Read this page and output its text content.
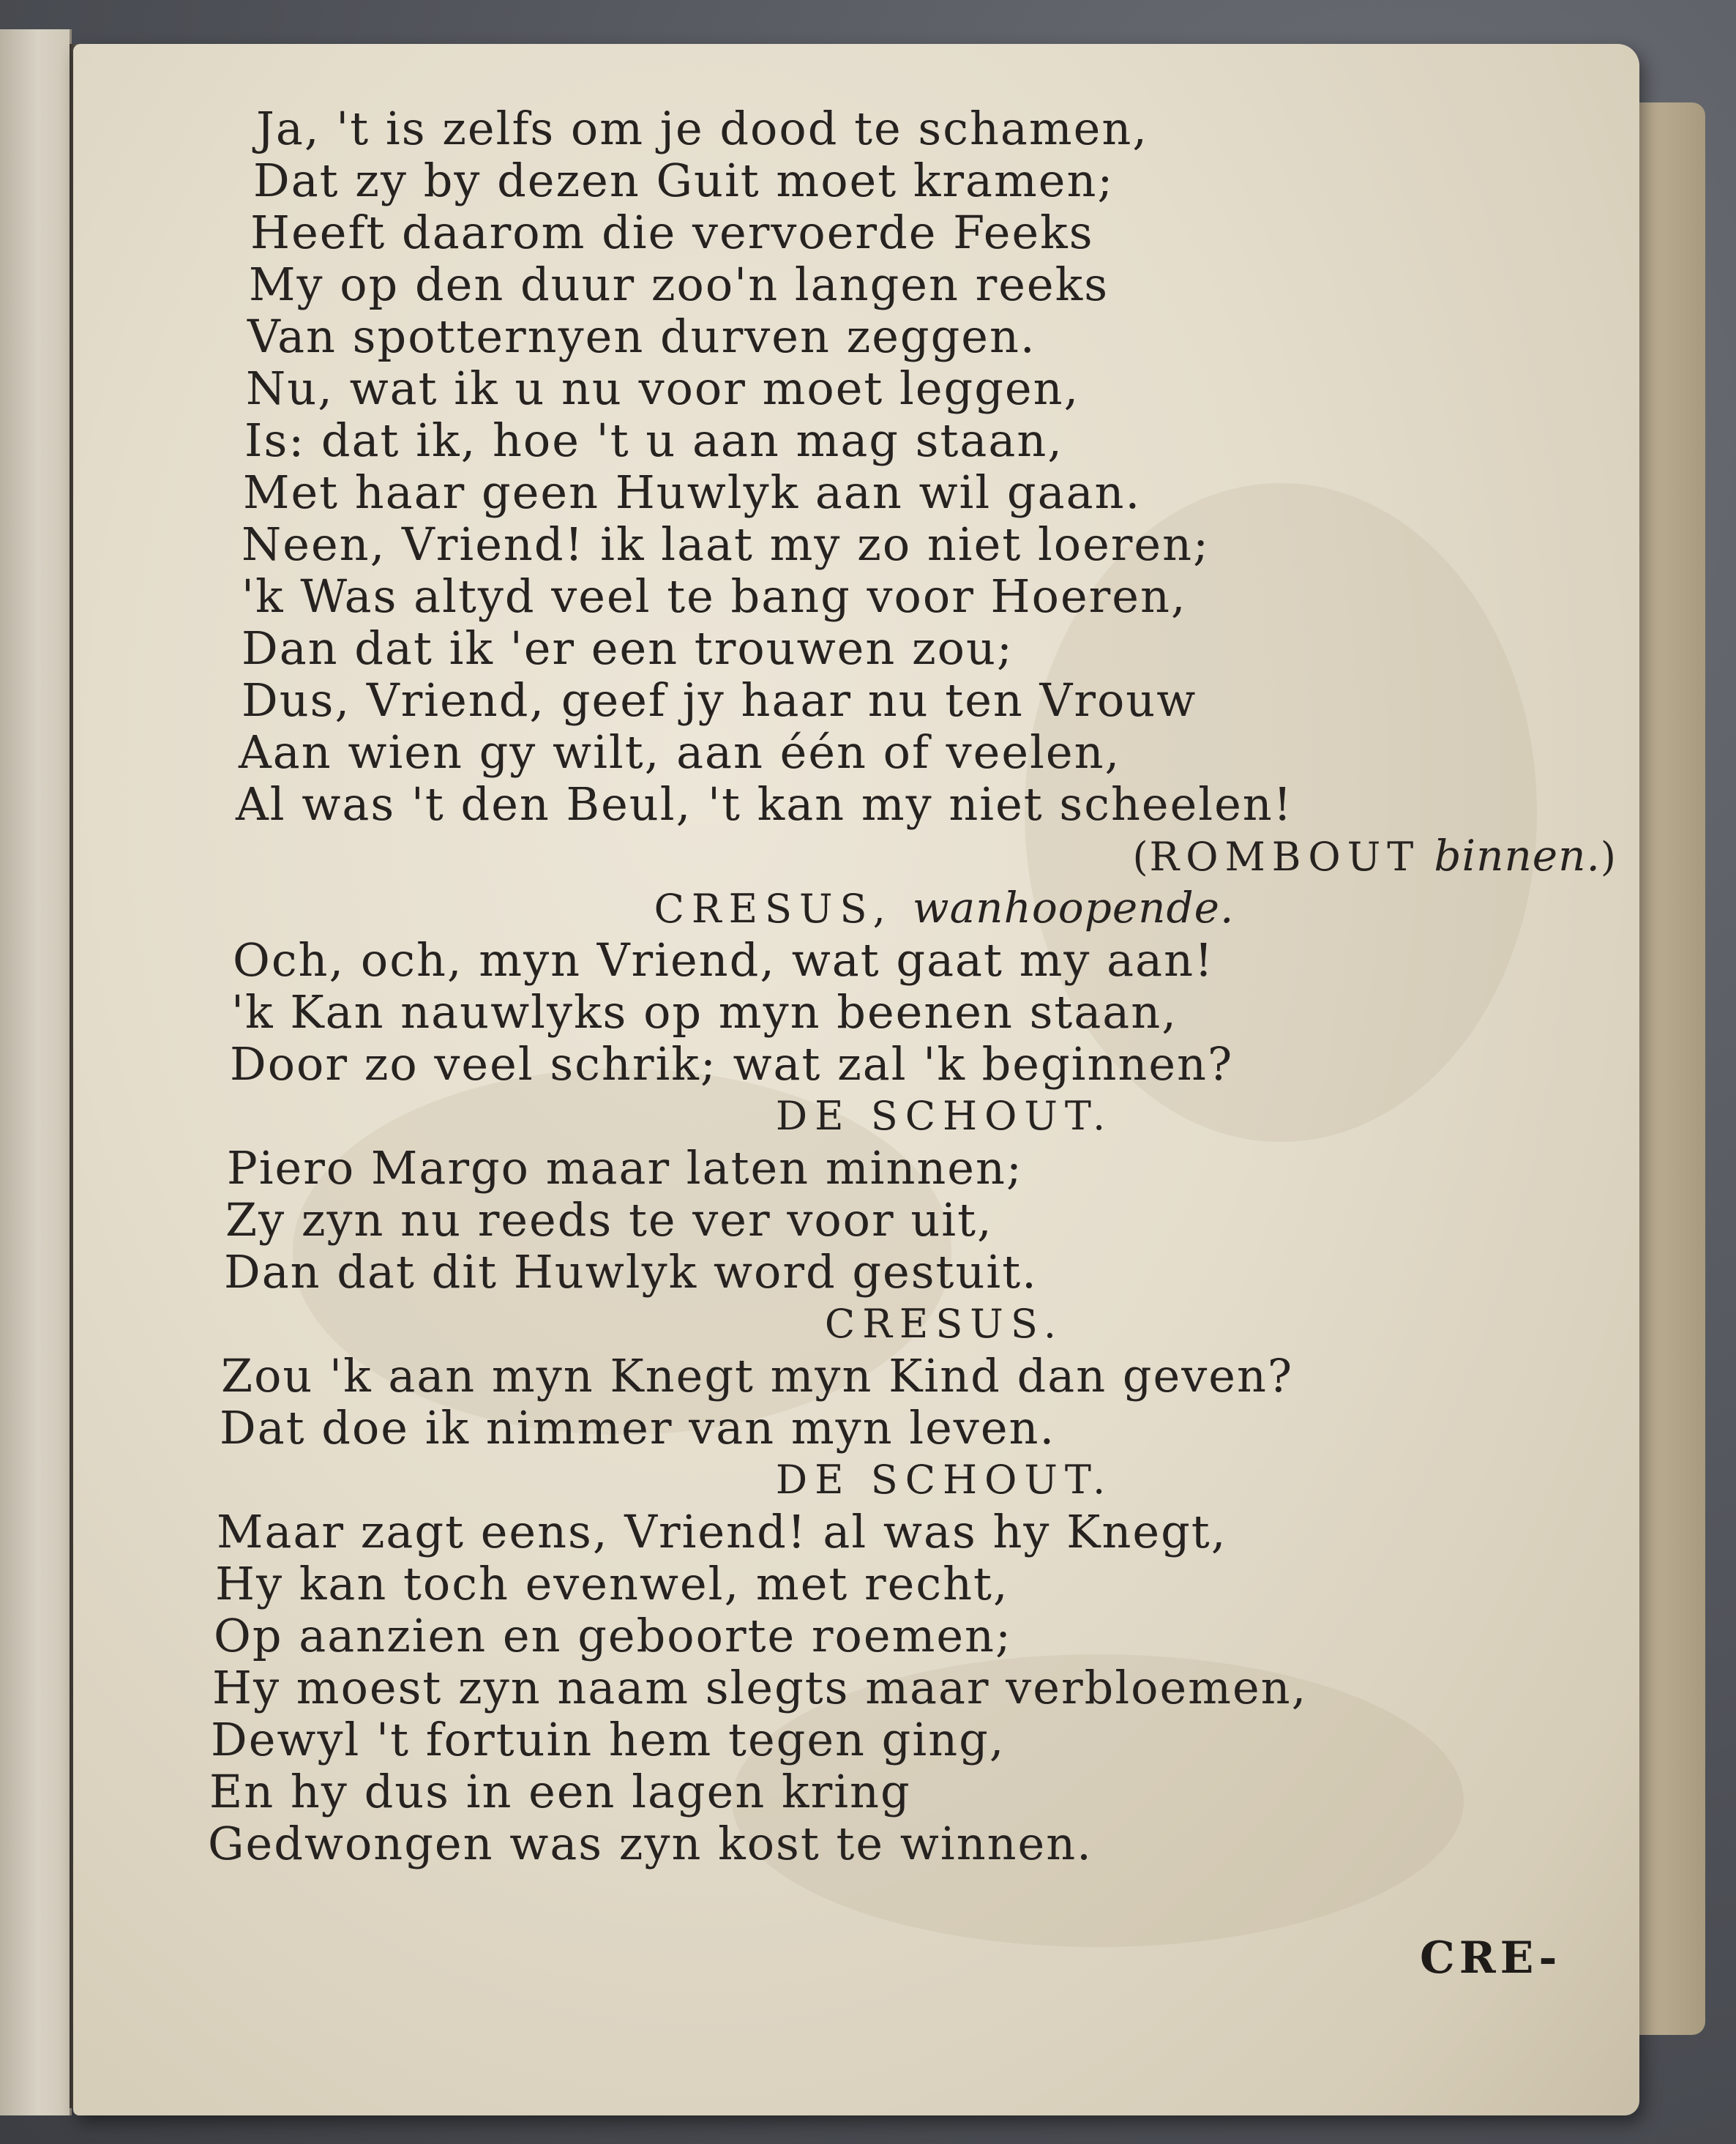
Ja, 't is zelfs om je dood te schamen,
Dat zy by dezen Guit moet kramen;
Heeft daarom die vervoerde Feeks
My op den duur zoo'n langen reeks
Van spotternyen durven zeggen.
Nu, wat ik u nu voor moet leggen,
Is: dat ik, hoe 't u aan mag staan,
Met haar geen Huwlyk aan wil gaan.
Neen, Vriend! ik laat my zo niet loeren;
'k Was altyd veel te bang voor Hoeren,
Dan dat ik 'er een trouwen zou;
Dus, Vriend, geef jy haar nu ten Vrouw
Aan wien gy wilt, aan één of veelen,
Al was 't den Beul, 't kan my niet scheelen!
(ROMBOUT binnen.)
CRESUS, wanhoopende.
Och, och, myn Vriend, wat gaat my aan!
'k Kan nauwlyks op myn beenen staan,
Door zo veel schrik; wat zal 'k beginnen?
DE SCHOUT.
Piero Margo maar laten minnen;
Zy zyn nu reeds te ver voor uit,
Dan dat dit Huwlyk word gestuit.
CRESUS.
Zou 'k aan myn Knegt myn Kind dan geven?
Dat doe ik nimmer van myn leven.
DE SCHOUT.
Maar zagt eens, Vriend! al was hy Knegt,
Hy kan toch evenwel, met recht,
Op aanzien en geboorte roemen;
Hy moest zyn naam slegts maar verbloemen,
Dewyl 't fortuin hem tegen ging,
En hy dus in een lagen kring
Gedwongen was zyn kost te winnen.
CRE-
